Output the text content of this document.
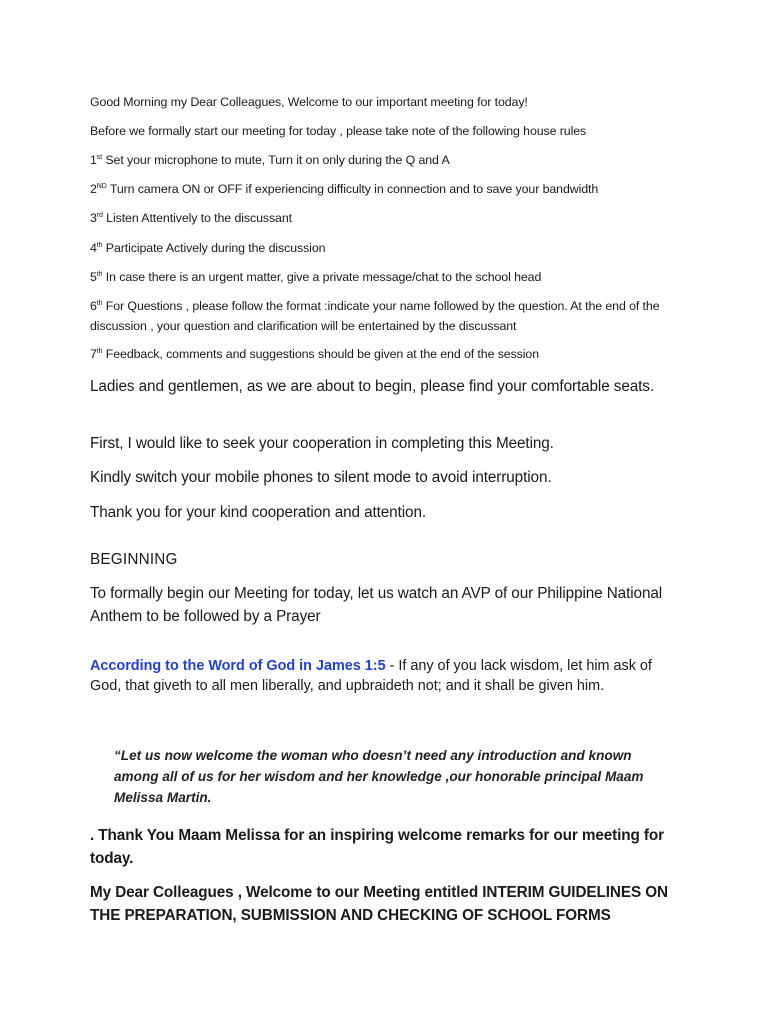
Good Morning my Dear Colleagues, Welcome to our important meeting for today!
Before we formally start our meeting for today , please take note of the following house rules
1st Set your microphone to mute, Turn it on only during the Q and A
2ND Turn camera ON or OFF if experiencing difficulty in connection and to save your bandwidth
3rd Listen Attentively to the discussant
4th Participate Actively during the discussion
5th In case there is an urgent matter, give a private message/chat to the school head
6th For Questions , please follow the format :indicate your name followed by the question. At the end of the discussion , your question and clarification will be entertained by the discussant
7th Feedback, comments and suggestions should be given at the end of the session
Ladies and gentlemen, as we are about to begin, please find your comfortable seats.
First, I would like to seek your cooperation in completing this Meeting.
Kindly switch your mobile phones to silent mode to avoid interruption.
Thank you for your kind cooperation and attention.
BEGINNING
To formally begin our Meeting for today, let us watch an AVP of our Philippine National Anthem to be followed by a Prayer
According to the Word of God in James 1:5 - If any of you lack wisdom, let him ask of God, that giveth to all men liberally, and upbraideth not; and it shall be given him.
“Let us now welcome the woman who doesn’t need any introduction and known among all of us for her wisdom and her knowledge ,our honorable principal Maam Melissa Martin.
. Thank You Maam Melissa for an inspiring welcome remarks for our meeting for today.
My Dear Colleagues , Welcome to our Meeting entitled INTERIM GUIDELINES ON THE PREPARATION, SUBMISSION AND CHECKING OF SCHOOL FORMS
